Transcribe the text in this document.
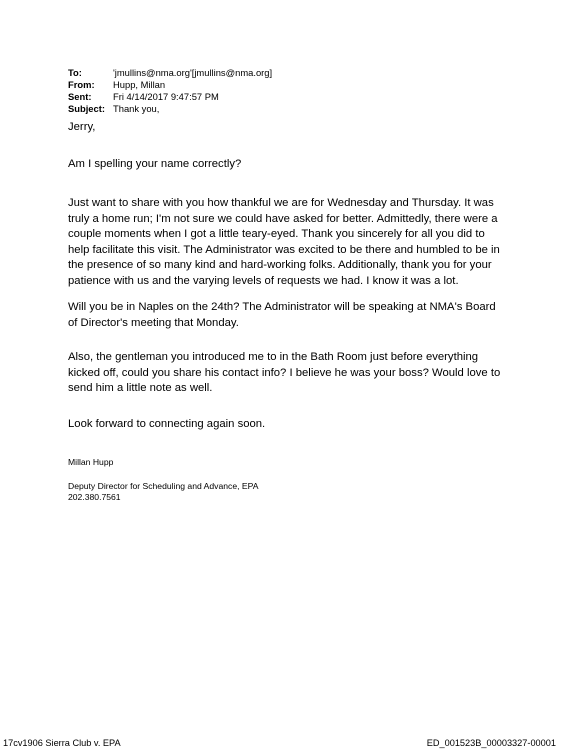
To:	'jmullins@nma.org'[jmullins@nma.org]
From:	Hupp, Millan
Sent:	Fri 4/14/2017 9:47:57 PM
Subject: Thank you,

Jerry,

Am I spelling your name correctly?

Just want to share with you how thankful we are for Wednesday and Thursday. It was
truly a home run; I'm not sure we could have asked for better. Admittedly, there were a
couple moments when I got a little teary-eyed. Thank you sincerely for all you did to
help facilitate this visit. The Administrator was excited to be there and humbled to be in
the presence of so many kind and hard-working folks. Additionally, thank you for your
patience with us and the varying levels of requests we had. I know it was a lot.

Will you be in Naples on the 24th? The Administrator will be speaking at NMA's Board
of Director's meeting that Monday.

Also, the gentleman you introduced me to in the Bath Room just before everything
kicked off, could you share his contact info? I believe he was your boss? Would love to
send him a little note as well.

Look forward to connecting again soon.

Millan Hupp
Deputy Director for Scheduling and Advance, EPA
202.380.7561
17cv1906 Sierra Club v. EPA	ED_001523B_00003327-00001
